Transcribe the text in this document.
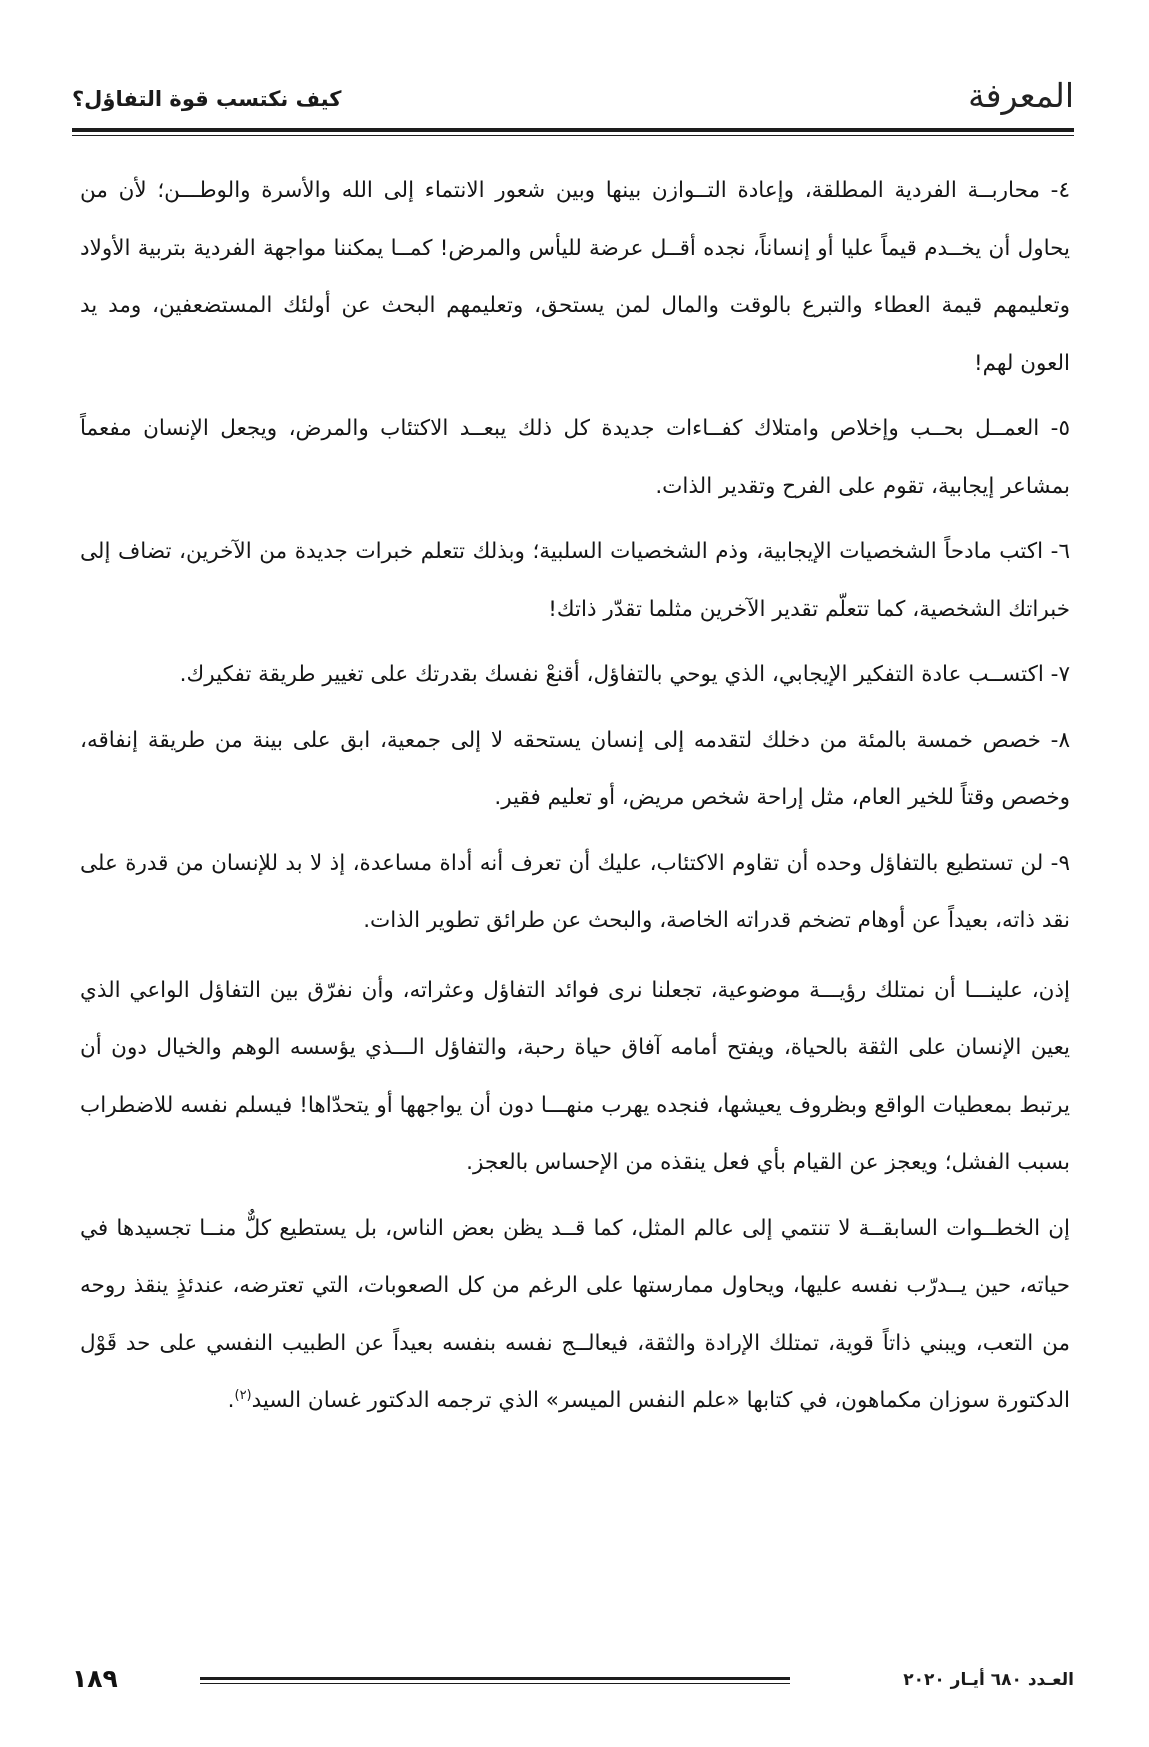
المعرفة
كيف نكتسب قوة التفاؤل؟

٤- محاربــة الفردية المطلقة، وإعادة التــوازن بينها وبين شعور الانتماء إلى الله والأسرة والوطـــن؛ لأن من يحاول أن يخــدم قيماً عليا أو إنساناً، نجده أقــل عرضة لليأس والمرض! كمــا يمكننا مواجهة الفردية بتربية الأولاد وتعليمهم قيمة العطاء والتبرع بالوقت والمال لمن يستحق، وتعليمهم البحث عن أولئك المستضعفين، ومد يد العون لهم!

٥- العمــل بحــب وإخلاص وامتلاك كفــاءات جديدة كل ذلك يبعــد الاكتئاب والمرض، ويجعل الإنسان مفعماً بمشاعر إيجابية، تقوم على الفرح وتقدير الذات.

٦- اكتب مادحاً الشخصيات الإيجابية، وذم الشخصيات السلبية؛ وبذلك تتعلم خبرات جديدة من الآخرين، تضاف إلى خبراتك الشخصية، كما تتعلّم تقدير الآخرين مثلما تقدّر ذاتك!

٧- اكتســب عادة التفكير الإيجابي، الذي يوحي بالتفاؤل، أقنعْ نفسك بقدرتك على تغيير طريقة تفكيرك.

٨- خصص خمسة بالمئة من دخلك لتقدمه إلى إنسان يستحقه لا إلى جمعية، ابق على بينة من طريقة إنفاقه، وخصص وقتاً للخير العام، مثل إراحة شخص مريض، أو تعليم فقير.

٩- لن تستطيع بالتفاؤل وحده أن تقاوم الاكتئاب، عليك أن تعرف أنه أداة مساعدة، إذ لا بد للإنسان من قدرة على نقد ذاته، بعيداً عن أوهام تضخم قدراته الخاصة، والبحث عن طرائق تطوير الذات.

إذن، علينـــا أن نمتلك رؤيـــة موضوعية، تجعلنا نرى فوائد التفاؤل وعثراته، وأن نفرّق بين التفاؤل الواعي الذي يعين الإنسان على الثقة بالحياة، ويفتح أمامه آفاق حياة رحبة، والتفاؤل الـــذي يؤسسه الوهم والخيال دون أن يرتبط بمعطيات الواقع وبظروف يعيشها، فنجده يهرب منهـــا دون أن يواجهها أو يتحدّاها! فيسلم نفسه للاضطراب بسبب الفشل؛ ويعجز عن القيام بأي فعل ينقذه من الإحساس بالعجز.

إن الخطــوات السابقــة لا تنتمي إلى عالم المثل، كما قــد يظن بعض الناس، بل يستطيع كلٌّ منــا تجسيدها في حياته، حين يــدرّب نفسه عليها، ويحاول ممارستها على الرغم من كل الصعوبات، التي تعترضه، عندئذٍ ينقذ روحه من التعب، ويبني ذاتاً قوية، تمتلك الإرادة والثقة، فيعالــج نفسه بنفسه بعيداً عن الطبيب النفسي على حد قَوْل الدكتورة سوزان مكماهون، في كتابها «علم النفس الميسر» الذي ترجمه الدكتور غسان السيد$^{(٢)}$.

العـدد ٦٨٠ أيـار ٢٠٢٠
١٨٩
